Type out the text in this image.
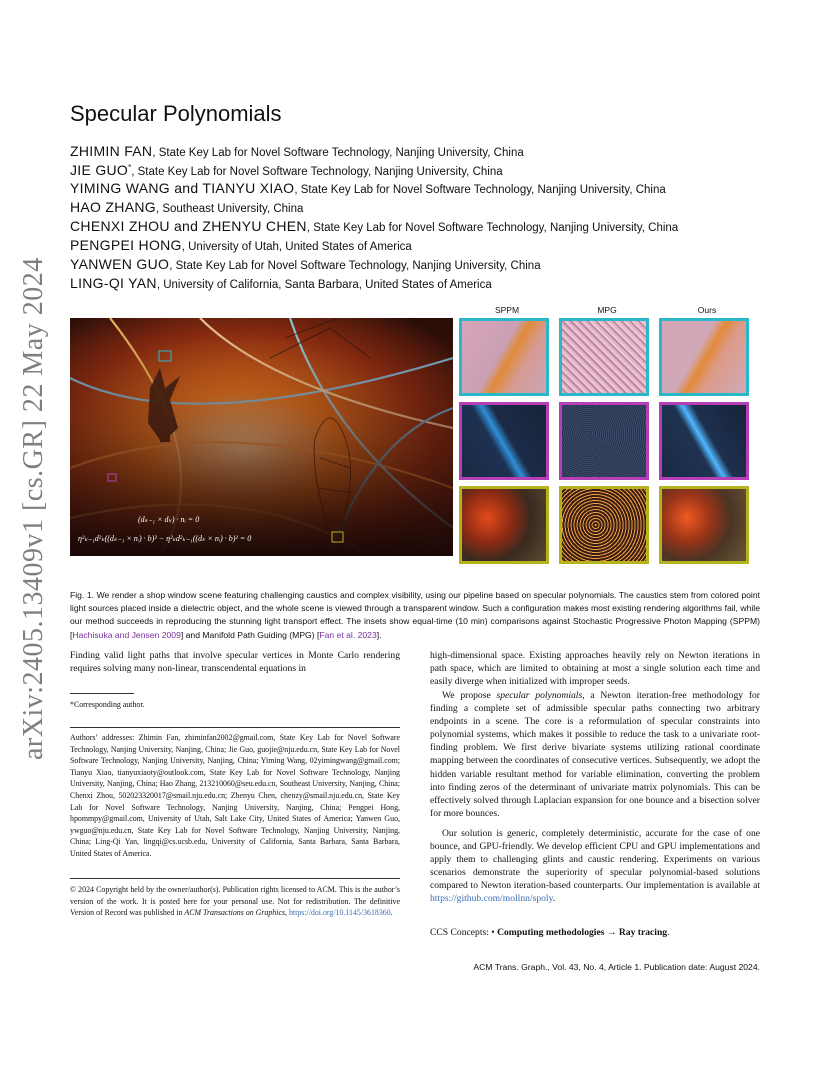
arXiv:2405.13409v1 [cs.GR] 22 May 2024
Specular Polynomials
ZHIMIN FAN, State Key Lab for Novel Software Technology, Nanjing University, China
JIE GUO*, State Key Lab for Novel Software Technology, Nanjing University, China
YIMING WANG and TIANYU XIAO, State Key Lab for Novel Software Technology, Nanjing University, China
HAO ZHANG, Southeast University, China
CHENXI ZHOU and ZHENYU CHEN, State Key Lab for Novel Software Technology, Nanjing University, China
PENGPEI HONG, University of Utah, United States of America
YANWEN GUO, State Key Lab for Novel Software Technology, Nanjing University, China
LING-QI YAN, University of California, Santa Barbara, United States of America
(dₖ₋₁ × dₖ) · nᵢ = 0
η²ₖ₋₁d²ₖ((dₖ₋₁ × nᵢ) · b)² − η²ₖd²ₖ₋₁((dₖ × nᵢ) · b)² = 0
SPPM	MPG	Ours
Fig. 1. We render a shop window scene featuring challenging caustics and complex visibility, using our pipeline based on specular polynomials. The caustics stem from colored point light sources placed inside a dielectric object, and the whole scene is viewed through a transparent window. Such a configuration makes most existing rendering algorithms fail, while our method succeeds in reproducing the stunning light transport effect. The insets show equal-time (10 min) comparisons against Stochastic Progressive Photon Mapping (SPPM) [Hachisuka and Jensen 2009] and Manifold Path Guiding (MPG) [Fan et al. 2023].
Finding valid light paths that involve specular vertices in Monte Carlo rendering requires solving many non-linear, transcendental equations in
*Corresponding author.
Authors’ addresses: Zhimin Fan, zhiminfan2002@gmail.com, State Key Lab for Novel Software Technology, Nanjing University, Nanjing, China; Jie Guo, guojie@nju.edu.cn, State Key Lab for Novel Software Technology, Nanjing University, Nanjing, China; Yiming Wang, 02yimingwang@gmail.com; Tianyu Xiao, tianyuxiaoty@outlook.com, State Key Lab for Novel Software Technology, Nanjing University, Nanjing, China; Hao Zhang, 213210060@seu.edu.cn, Southeast University, Nanjing, China; Chenxi Zhou, 502023320017@smail.nju.edu.cn; Zhenyu Chen, chenzy@smail.nju.edu.cn, State Key Lab for Novel Software Technology, Nanjing University, Nanjing, China; Pengpei Hong, hpommpy@gmail.com, University of Utah, Salt Lake City, United States of America; Yanwen Guo, ywguo@nju.edu.cn, State Key Lab for Novel Software Technology, Nanjing University, Nanjing, China; Ling-Qi Yan, lingqi@cs.ucsb.edu, University of California, Santa Barbara, Santa Barbara, United States of America.
© 2024 Copyright held by the owner/author(s). Publication rights licensed to ACM. This is the author’s version of the work. It is posted here for your personal use. Not for redistribution. The definitive Version of Record was published in ACM Transactions on Graphics, https://doi.org/10.1145/3618360.
high-dimensional space. Existing approaches heavily rely on Newton iterations in path space, which are limited to obtaining at most a single solution each time and easily diverge when initialized with improper seeds.
We propose specular polynomials, a Newton iteration-free methodology for finding a complete set of admissible specular paths connecting two arbitrary endpoints in a scene. The core is a reformulation of specular constraints into polynomial systems, which makes it possible to reduce the task to a univariate root-finding problem. We first derive bivariate systems utilizing rational coordinate mapping between the coordinates of consecutive vertices. Subsequently, we adopt the hidden variable resultant method for variable elimination, converting the problem into finding zeros of the determinant of univariate matrix polynomials. This can be effectively solved through Laplacian expansion for one bounce and a bisection solver for more bounces.
Our solution is generic, completely deterministic, accurate for the case of one bounce, and GPU-friendly. We develop efficient CPU and GPU implementations and apply them to challenging glints and caustic rendering. Experiments on various scenarios demonstrate the superiority of specular polynomial-based solutions compared to Newton iteration-based counterparts. Our implementation is available at https://github.com/mollnn/spoly.
CCS Concepts: • Computing methodologies → Ray tracing.
ACM Trans. Graph., Vol. 43, No. 4, Article 1. Publication date: August 2024.
